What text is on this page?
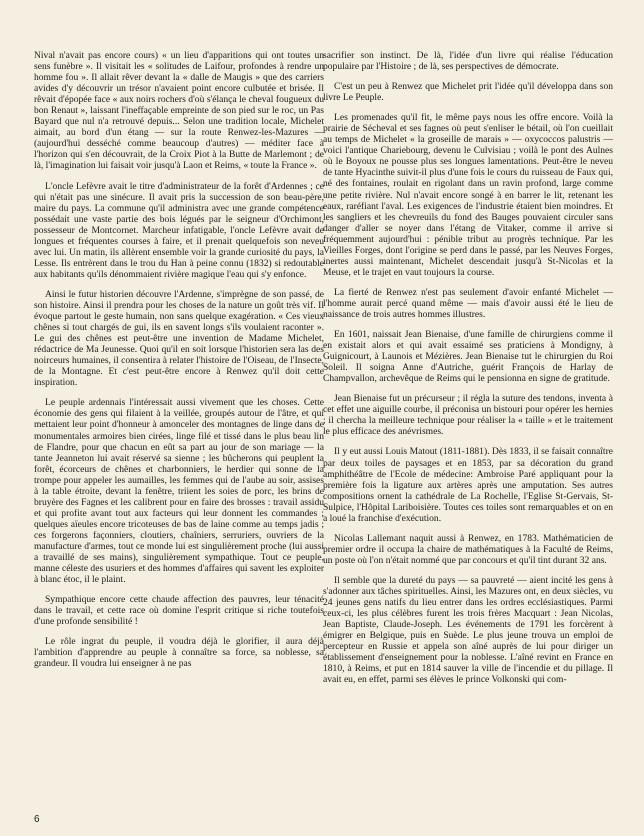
Nival n'avait pas encore cours) « un lieu d'apparitions qui ont toutes un sens funèbre ». Il visitait les « solitudes de Laifour, profondes à rendre un homme fou ». Il allait rêver devant la « dalle de Maugis » que des carriers avides d'y découvrir un trésor n'avaient point encore culbutée et brisée. Il rêvait d'épopée face « aux noirs rochers d'où s'élança le cheval fougueux du bon Renaut », laissant l'ineffaçable empreinte de son pied sur le roc, un Pas Bayard que nul n'a retrouvé depuis... Selon une tradition locale, Michelet aimait, au bord d'un étang — sur la route Renwez-les-Mazures — (aujourd'hui desséché comme beaucoup d'autres) — méditer face à l'horizon qui s'en découvrait, de la Croix Piot à la Butte de Marlemont ; de là, l'imagination lui faisait voir jusqu'à Laon et Reims, « toute la France ».

L'oncle Lefèvre avait le titre d'administrateur de la forêt d'Ardennes ; ce qui n'était pas une sinécure. Il avait pris la succession de son beau-père, maire du pays. La commune qu'il administra avec une grande compétence possédait une vaste partie des bois légués par le seigneur d'Orchimont, possesseur de Montcornet. Marcheur infatigable, l'oncle Lefèvre avait de longues et fréquentes courses à faire, et il prenait quelquefois son neveu avec lui. Un matin, ils allèrent ensemble voir la grande curiosité du pays, la Lesse. Ils entrèrent dans le trou du Han à peine connu (1832) si redoutable aux habitants qu'ils dénommaient rivière magique l'eau qui s'y enfonce.

Ainsi le futur historien découvre l'Ardenne, s'imprègne de son passé, de son histoire. Ainsi il prendra pour les choses de la nature un goût très vif. Il évoque partout le geste humain, non sans quelque exagération. « Ces vieux chênes si tout chargés de gui, ils en savent longs s'ils voulaient raconter ». Le gui des chênes est peut-être une invention de Madame Michelet, rédactrice de Ma Jeunesse. Quoi qu'il en soit lorsque l'historien sera las des noirceurs humaines, il consentira à relater l'histoire de l'Oiseau, de l'Insecte, de la Montagne. Et c'est peut-être encore à Renwez qu'il doit cette inspiration.

Le peuple ardennais l'intéressait aussi vivement que les choses. Cette économie des gens qui filaient à la veillée, groupés autour de l'âtre, et qui mettaient leur point d'honneur à amonceler des montagnes de linge dans de monumentales armoires bien cirées, linge filé et tissé dans le plus beau lin de Flandre, pour que chacun en eût sa part au jour de son mariage — la tante Jeanneton lui avait réservé sa sienne ; les bûcherons qui peuplent la forêt, écorceurs de chênes et charbonniers, le herdier qui sonne de la trompe pour appeler les aumailles, les femmes qui de l'aube au soir, assises à la table étroite, devant la fenêtre, triient les soies de porc, les brins de bruyère des Fagnes et les calibrent pour en faire des brosses : travail assidu et qui profite avant tout aux facteurs qui leur donnent les commandes ; quelques aïeules encore tricoteuses de bas de laine comme au temps jadis ; ces forgerons façonniers, cloutiers, chaîniers, serruriers, ouvriers de la manufacture d'armes, tout ce monde lui est singulièrement proche (lui aussi a travaillé de ses mains), singulièrement sympathique. Tout ce peuple, manne céleste des usuriers et des hommes d'affaires qui savent les exploiter à blanc étoc, il le plaint.

Sympathique encore cette chaude affection des pauvres, leur ténacité dans le travail, et cette race où domine l'esprit critique si riche toutefois d'une profonde sensibilité !

Le rôle ingrat du peuple, il voudra déjà le glorifier, il aura déjà l'ambition d'apprendre au peuple à connaître sa force, sa noblesse, sa grandeur. Il voudra lui enseigner à ne pas

sacrifier son instinct. De là, l'idée d'un livre qui réalise l'éducation populaire par l'Histoire ; de là, ses perspectives de démocrate.

C'est un peu à Renwez que Michelet prit l'idée qu'il développa dans son livre Le Peuple.

Les promenades qu'il fit, le même pays nous les offre encore. Voilà la prairie de Sécheval et ses fagnes où peut s'enliser le bétail, où l'on cueillait au temps de Michelet « la groseille de marais » — oxycoccos palustris — voici l'antique Chariebourg, devenu le Culvisiau ; voilà le pont des Aulnes où le Boyoux ne pousse plus ses longues lamentations. Peut-être le neveu de tante Hyacinthe suivit-il plus d'une fois le cours du ruisseau de Faux qui, né des fontaines, roulait en rigolant dans un ravin profond, large comme une petite rivière. Nul n'avait encore songé à en barrer le lit, retenant les eaux, raréfiant l'aval. Les exigences de l'industrie étaient bien moindres. Et les sangliers et les chevreuils du fond des Bauges pouvaient circuler sans danger d'aller se noyer dans l'étang de Vitaker, comme il arrive si fréquemment aujourd'hui : pénible tribut au progrès technique. Par les Vieilles Forges, dont l'origine se perd dans le passé, par les Neuves Forges, inertes aussi maintenant, Michelet descendait jusqu'à St-Nicolas et la Meuse, et le trajet en vaut toujours la course.

La fierté de Renwez n'est pas seulement d'avoir enfanté Michelet — l'homme aurait percé quand même — mais d'avoir aussi été le lieu de naissance de trois autres hommes illustres.

En 1601, naissait Jean Bienaise, d'une famille de chirurgiens comme il en existait alors et qui avait essaimé ses praticiens à Mondigny, à Guignicourt, à Launois et Mézières. Jean Bienaise tut le chirurgien du Roi Soleil. Il soigna Anne d'Autriche, guérit François de Harlay de Champvallon, archevêque de Reims qui le pensionna en signe de gratitude.

Jean Bienaise fut un précurseur ; il régla la suture des tendons, inventa à cet effet une aiguille courbe, il préconisa un bistouri pour opérer les hernies ; il chercha la meilleure technique pour réaliser la « taille » et le traitement le plus efficace des anévrismes.

Il y eut aussi Louis Matout (1811-1881). Dès 1833, il se faisait connaître par deux toiles de paysages et en 1853, par sa décoration du grand amphithéâtre de l'Ecole de médecine: Ambroise Paré appliquant pour la première fois la ligature aux artères après une amputation. Ses autres compositions ornent la cathédrale de La Rochelle, l'Eglise St-Gervais, St-Sulpice, l'Hôpital Lariboisière. Toutes ces toiles sont remarquables et on en a loué la franchise d'exécution.

Nicolas Lallemant naquit aussi à Renwez, en 1783. Mathématicien de premier ordre il occupa la chaire de mathématiques à la Faculté de Reims, un poste où l'on n'était nommé que par concours et qu'il tint durant 32 ans.

Il semble que la dureté du pays — sa pauvreté — aient incité les gens à s'adonner aux tâches spirituelles. Ainsi, les Mazures ont, en deux siècles, vu 24 jeunes gens natifs du lieu entrer dans les ordres ecclésiastiques. Parmi ceux-ci, les plus célèbres furent les trois frères Macquart : Jean Nicolas, Jean Baptiste, Claude-Joseph. Les événements de 1791 les forcèrent à émigrer en Belgique, puis en Suède. Le plus jeune trouva un emploi de percepteur en Russie et appela son aîné auprès de lui pour diriger un établissement d'enseignement pour la noblesse. L'aîné revint en France en 1810, à Reims, et put en 1814 sauver la ville de l'incendie et du pillage. Il avait eu, en effet, parmi ses élèves le prince Volkonski qui com-

6
